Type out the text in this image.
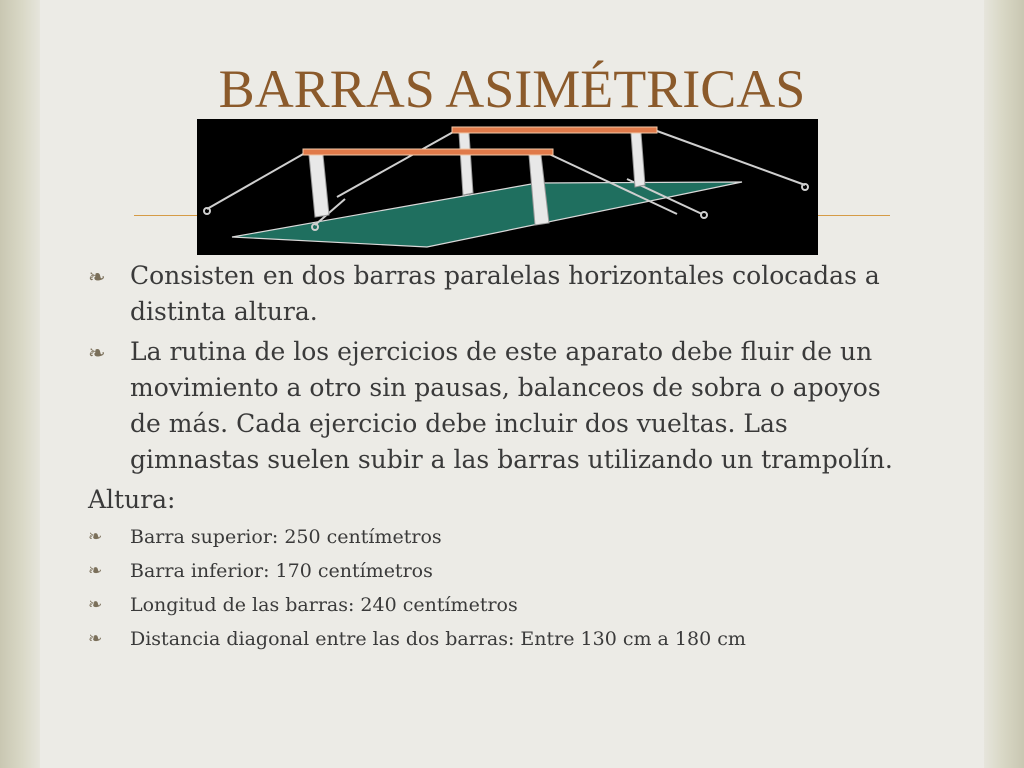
BARRAS ASIMÉTRICAS
❧ Consisten en dos barras paralelas horizontales colocadas a distinta altura.
❧ La rutina de los ejercicios de este aparato debe fluir de un movimiento a otro sin pausas, balanceos de sobra o apoyos de más. Cada ejercicio debe incluir dos vueltas. Las gimnastas suelen subir a las barras utilizando un trampolín.
Altura:
❧ Barra superior: 250 centímetros
❧ Barra inferior: 170 centímetros
❧ Longitud de las barras: 240 centímetros
❧ Distancia diagonal entre las dos barras: Entre 130 cm a 180 cm
